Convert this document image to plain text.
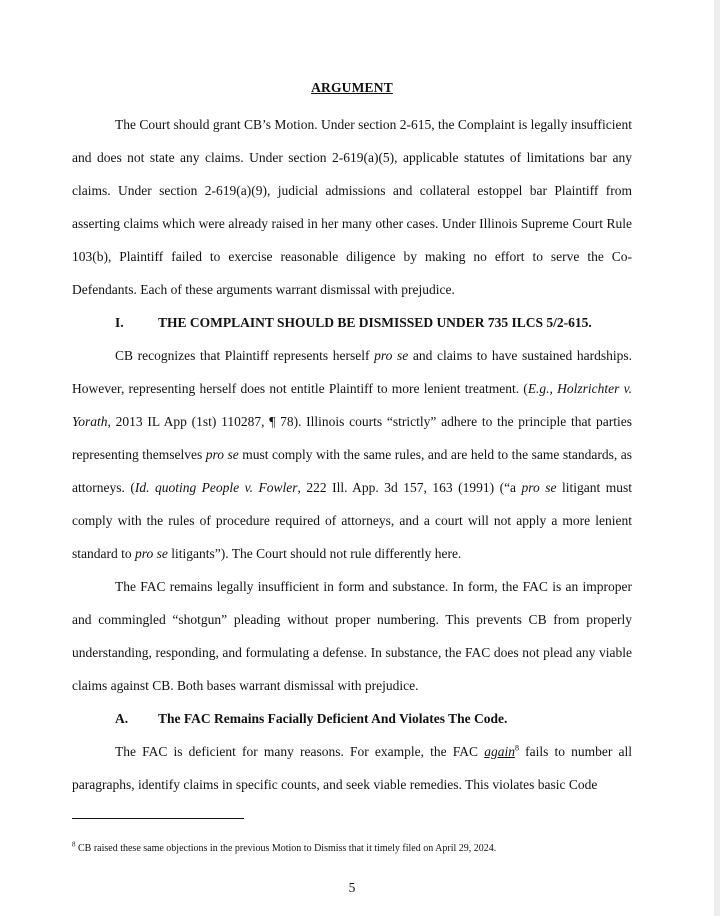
ARGUMENT

The Court should grant CB’s Motion. Under section 2-615, the Complaint is legally insufficient and does not state any claims. Under section 2-619(a)(5), applicable statutes of limitations bar any claims. Under section 2-619(a)(9), judicial admissions and collateral estoppel bar Plaintiff from asserting claims which were already raised in her many other cases. Under Illinois Supreme Court Rule 103(b), Plaintiff failed to exercise reasonable diligence by making no effort to serve the Co-Defendants. Each of these arguments warrant dismissal with prejudice.

I.	THE COMPLAINT SHOULD BE DISMISSED UNDER 735 ILCS 5/2-615.

CB recognizes that Plaintiff represents herself pro se and claims to have sustained hardships. However, representing herself does not entitle Plaintiff to more lenient treatment. (E.g., Holzrichter v. Yorath, 2013 IL App (1st) 110287, ¶ 78). Illinois courts “strictly” adhere to the principle that parties representing themselves pro se must comply with the same rules, and are held to the same standards, as attorneys. (Id. quoting People v. Fowler, 222 Ill. App. 3d 157, 163 (1991) (“a pro se litigant must comply with the rules of procedure required of attorneys, and a court will not apply a more lenient standard to pro se litigants”). The Court should not rule differently here.

The FAC remains legally insufficient in form and substance. In form, the FAC is an improper and commingled “shotgun” pleading without proper numbering. This prevents CB from properly understanding, responding, and formulating a defense. In substance, the FAC does not plead any viable claims against CB. Both bases warrant dismissal with prejudice.

A. The FAC Remains Facially Deficient And Violates The Code.

The FAC is deficient for many reasons. For example, the FAC again$^8$ fails to number all paragraphs, identify claims in specific counts, and seek viable remedies. This violates basic Code

$^8$ CB raised these same objections in the previous Motion to Dismiss that it timely filed on April 29, 2024.
5
